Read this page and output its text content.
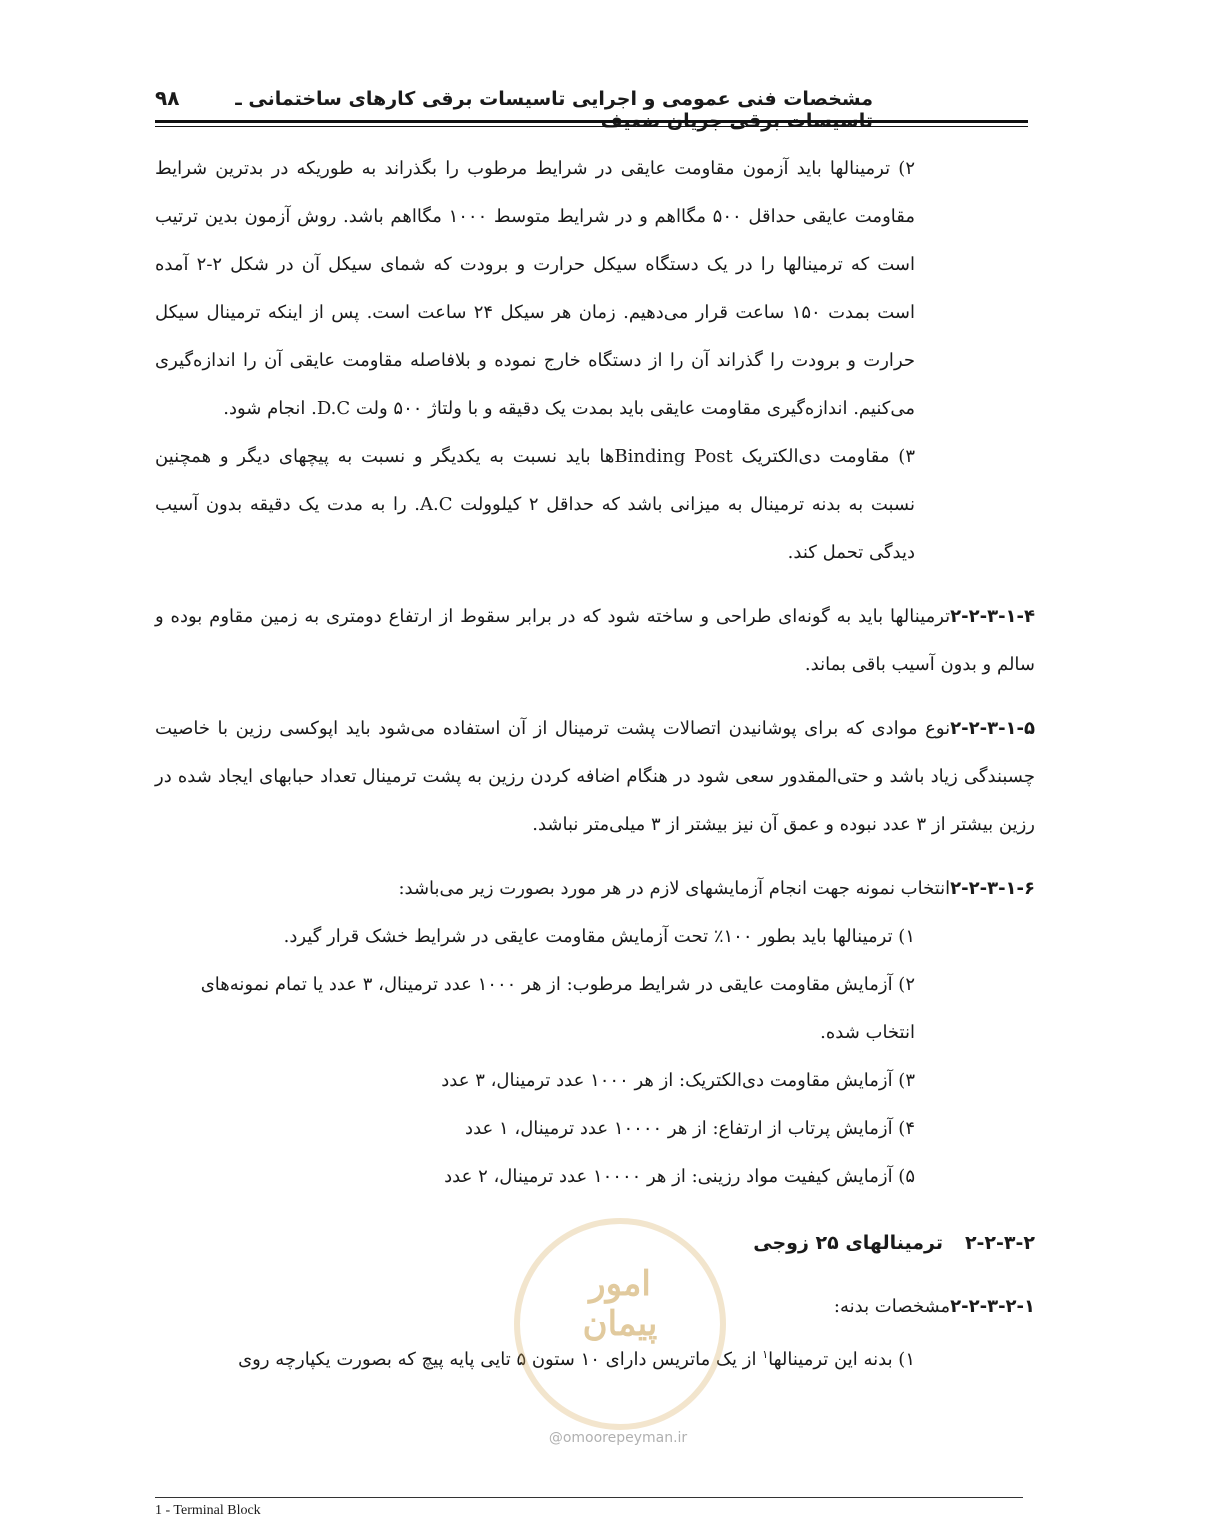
مشخصات فنی عمومی و اجرایی تاسیسات برقی کارهای ساختمانی ـ تاسیسات برقی جریان ضعیف
۹۸

۲) ترمینالها باید آزمون مقاومت عایقی در شرایط مرطوب را بگذراند به طوریکه در بدترین شرایط مقاومت عایقی حداقل ۵۰۰ مگااهم و در شرایط متوسط ۱۰۰۰ مگااهم باشد. روش آزمون بدین ترتیب است که ترمینالها را در یک دستگاه سیکل حرارت و برودت که شمای سیکل آن در شکل ۲-۲ آمده است بمدت ۱۵۰ ساعت قرار می‌دهیم. زمان هر سیکل ۲۴ ساعت است. پس از اینکه ترمینال سیکل حرارت و برودت را گذراند آن را از دستگاه خارج نموده و بلافاصله مقاومت عایقی آن را اندازه‌گیری می‌کنیم. اندازه‌گیری مقاومت عایقی باید بمدت یک دقیقه و با ولتاژ ۵۰۰ ولت D.C. انجام شود.

۳) مقاومت دی‌الکتریک Binding Postها باید نسبت به یکدیگر و نسبت به پیچهای دیگر و همچنین نسبت به بدنه ترمینال به میزانی باشد که حداقل ۲ کیلوولت A.C. را به مدت یک دقیقه بدون آسیب دیدگی تحمل کند.

۲-۲-۳-۱-۴ترمینالها باید به گونه‌ای طراحی و ساخته شود که در برابر سقوط از ارتفاع دومتری به زمین مقاوم بوده و سالم و بدون آسیب باقی بماند.
۲-۲-۳-۱-۵نوع موادی که برای پوشانیدن اتصالات پشت ترمینال از آن استفاده می‌شود باید اپوکسی رزین با خاصیت چسبندگی زیاد باشد و حتی‌المقدور سعی شود در هنگام اضافه کردن رزین به پشت ترمینال تعداد حبابهای ایجاد شده در رزین بیشتر از ۳ عدد نبوده و عمق آن نیز بیشتر از ۳ میلی‌متر نباشد.
۲-۲-۳-۱-۶انتخاب نمونه جهت انجام آزمایشهای لازم در هر مورد بصورت زیر می‌باشد:
۱) ترمینالها باید بطور ۱۰۰٪ تحت آزمایش مقاومت عایقی در شرایط خشک قرار گیرد.
۲) آزمایش مقاومت عایقی در شرایط مرطوب: از هر ۱۰۰۰ عدد ترمینال، ۳ عدد یا تمام نمونه‌های انتخاب شده.
۳) آزمایش مقاومت دی‌الکتریک: از هر ۱۰۰۰ عدد ترمینال، ۳ عدد
۴) آزمایش پرتاب از ارتفاع: از هر ۱۰۰۰۰ عدد ترمینال، ۱ عدد
۵) آزمایش کیفیت مواد رزینی: از هر ۱۰۰۰۰ عدد ترمینال، ۲ عدد
۲-۲-۳-۲ترمینالهای ۲۵ زوجی
۲-۲-۳-۲-۱مشخصات بدنه:
۱) بدنه این ترمینالها$^۱$ از یک ماتریس دارای ۱۰ ستون ۵ تایی پایه پیچ که بصورت یکپارچه روی
امور پیمان
@omoorepeyman.ir
1 - Terminal Block
